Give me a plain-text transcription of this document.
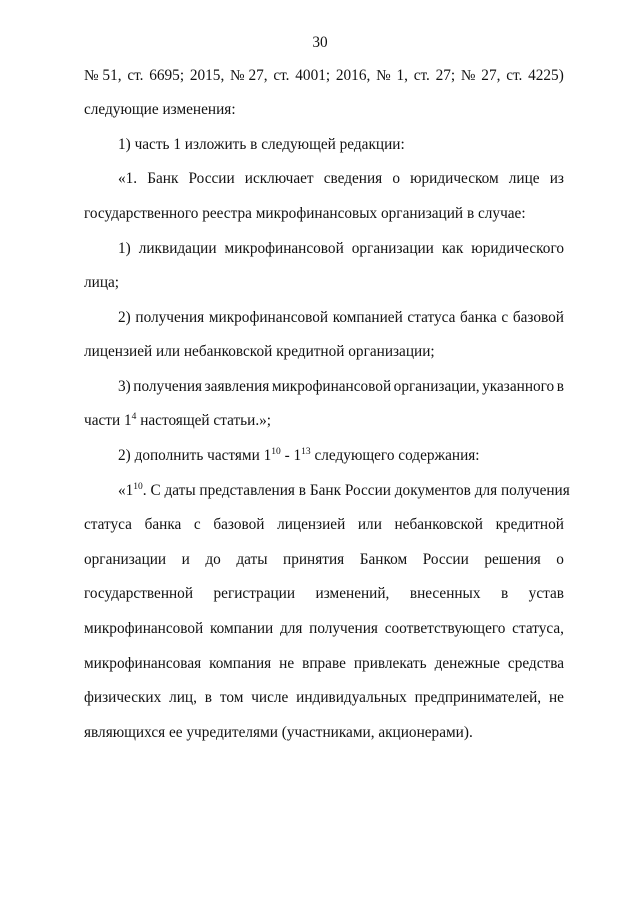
30
№ 51, ст. 6695; 2015, № 27, ст. 4001; 2016, № 1, ст. 27; № 27, ст. 4225)
следующие изменения:
1) часть 1 изложить в следующей редакции:
«1. Банк России исключает сведения о юридическом лице из
государственного реестра микрофинансовых организаций в случае:
1) ликвидации микрофинансовой организации как юридического
лица;
2) получения микрофинансовой компанией статуса банка с базовой
лицензией или небанковской кредитной организации;
3) получения заявления микрофинансовой организации, указанного в
части $1^4$ настоящей статьи.»;
2) дополнить частями $1^{10} - 1^{13}$ следующего содержания:
«$1^{10}$. С даты представления в Банк России документов для получения
статуса банка с базовой лицензией или небанковской кредитной
организации и до даты принятия Банком России решения о
государственной регистрации изменений, внесенных в устав
микрофинансовой компании для получения соответствующего статуса,
микрофинансовая компания не вправе привлекать денежные средства
физических лиц, в том числе индивидуальных предпринимателей, не
являющихся ее учредителями (участниками, акционерами).
